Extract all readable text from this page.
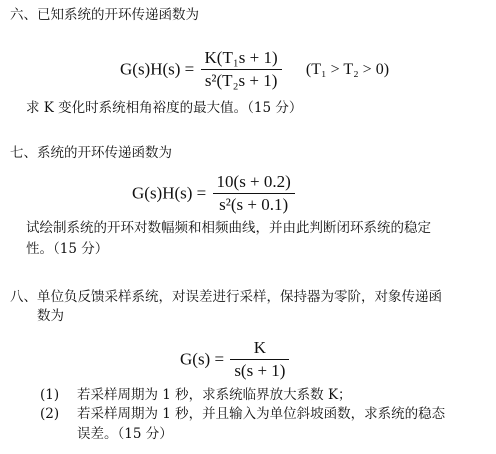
六、已知系统的开环传递函数为
$G(s)H(s) = \frac{\text{K(T₁s + 1)}}{\text{s²(T₂s + 1)}} (T_1 > T_2 > 0)$
求 K 变化时系统相角裕度的最大值。（15 分）
七、系统的开环传递函数为
$G(s)H(s) = \frac{10(s + 0.2)}{\text{s²(s + 0.1)}}$
试绘制系统的开环对数幅频和相频曲线，并由此判断闭环系统的稳定
性。（15 分）
八、单位负反馈采样系统，对误差进行采样，保持器为零阶，对象传递函
数为
$G(s) = \frac{K}{s(s + 1)}$
(1) 若采样周期为 1 秒，求系统临界放大系数 K；
(2) 若采样周期为 1 秒，并且输入为单位斜坡函数，求系统的稳态
误差。（15 分）
